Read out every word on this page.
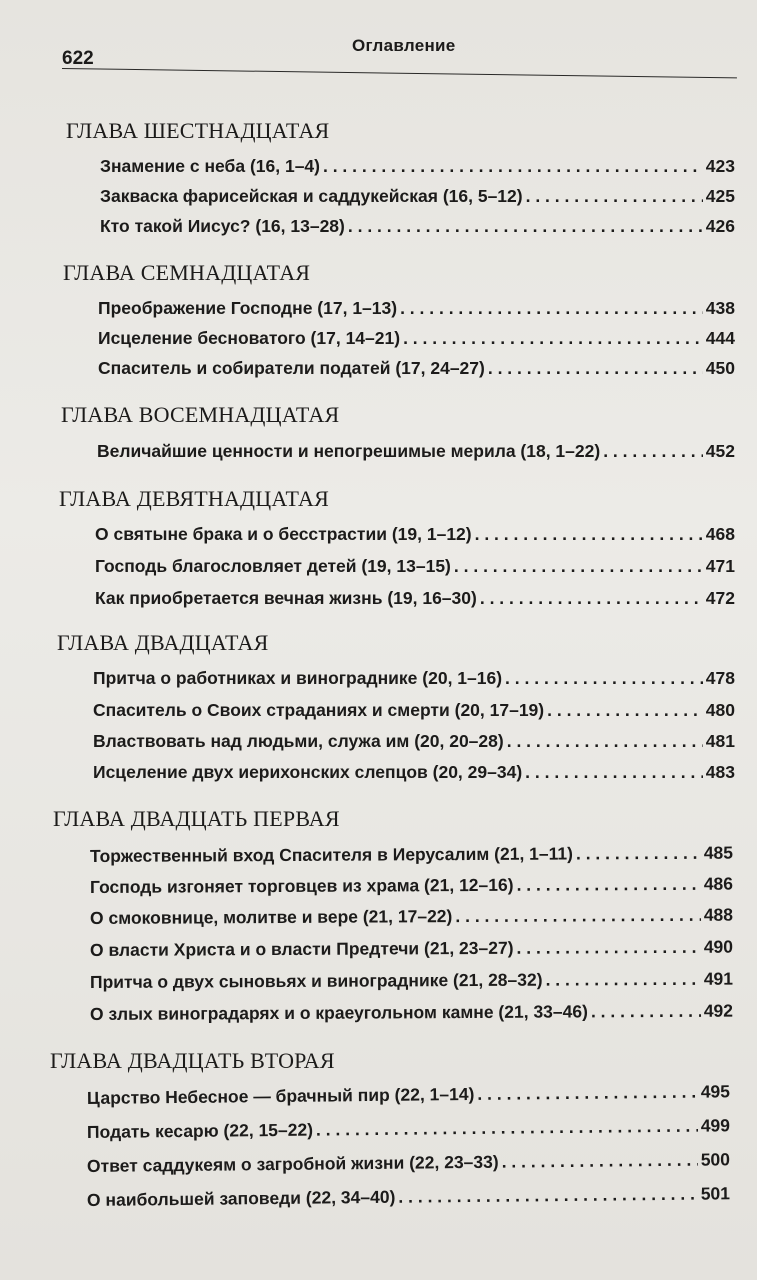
622
Оглавление
ГЛАВА ШЕСТНАДЦАТАЯ
Знамение с неба (16, 1–4) . . .	423
Закваска фарисейская и саддукейская (16, 5–12) . . .	425
Кто такой Иисус? (16, 13–28) . . .	426
ГЛАВА СЕМНАДЦАТАЯ
Преображение Господне (17, 1–13) . . .	438
Исцеление бесноватого (17, 14–21) . . .	444
Спаситель и собиратели податей (17, 24–27) . . .	450
ГЛАВА ВОСЕМНАДЦАТАЯ
Величайшие ценности и непогрешимые мерила (18, 1–22) . . .	452
ГЛАВА ДЕВЯТНАДЦАТАЯ
О святыне брака и о бесстрастии (19, 1–12) . . .	468
Господь благословляет детей (19, 13–15) . . .	471
Как приобретается вечная жизнь (19, 16–30) . . .	472
ГЛАВА ДВАДЦАТАЯ
Притча о работниках и винограднике (20, 1–16) . . .	478
Спаситель о Своих страданиях и смерти (20, 17–19) . . .	480
Властвовать над людьми, служа им (20, 20–28) . . .	481
Исцеление двух иерихонских слепцов (20, 29–34) . . .	483
ГЛАВА ДВАДЦАТЬ ПЕРВАЯ
Торжественный вход Спасителя в Иерусалим (21, 1–11) . . .	485
Господь изгоняет торговцев из храма (21, 12–16) . . .	486
О смоковнице, молитве и вере (21, 17–22) . . .	488
О власти Христа и о власти Предтечи (21, 23–27) . . .	490
Притча о двух сыновьях и винограднике (21, 28–32) . . .	491
О злых виноградарях и о краеугольном камне (21, 33–46) . . .	492
ГЛАВА ДВАДЦАТЬ ВТОРАЯ
Царство Небесное — брачный пир (22, 1–14) . . .	495
Подать кесарю (22, 15–22) . . .	499
Ответ саддукеям о загробной жизни (22, 23–33) . . .	500
О наибольшей заповеди (22, 34–40) . . .	501
